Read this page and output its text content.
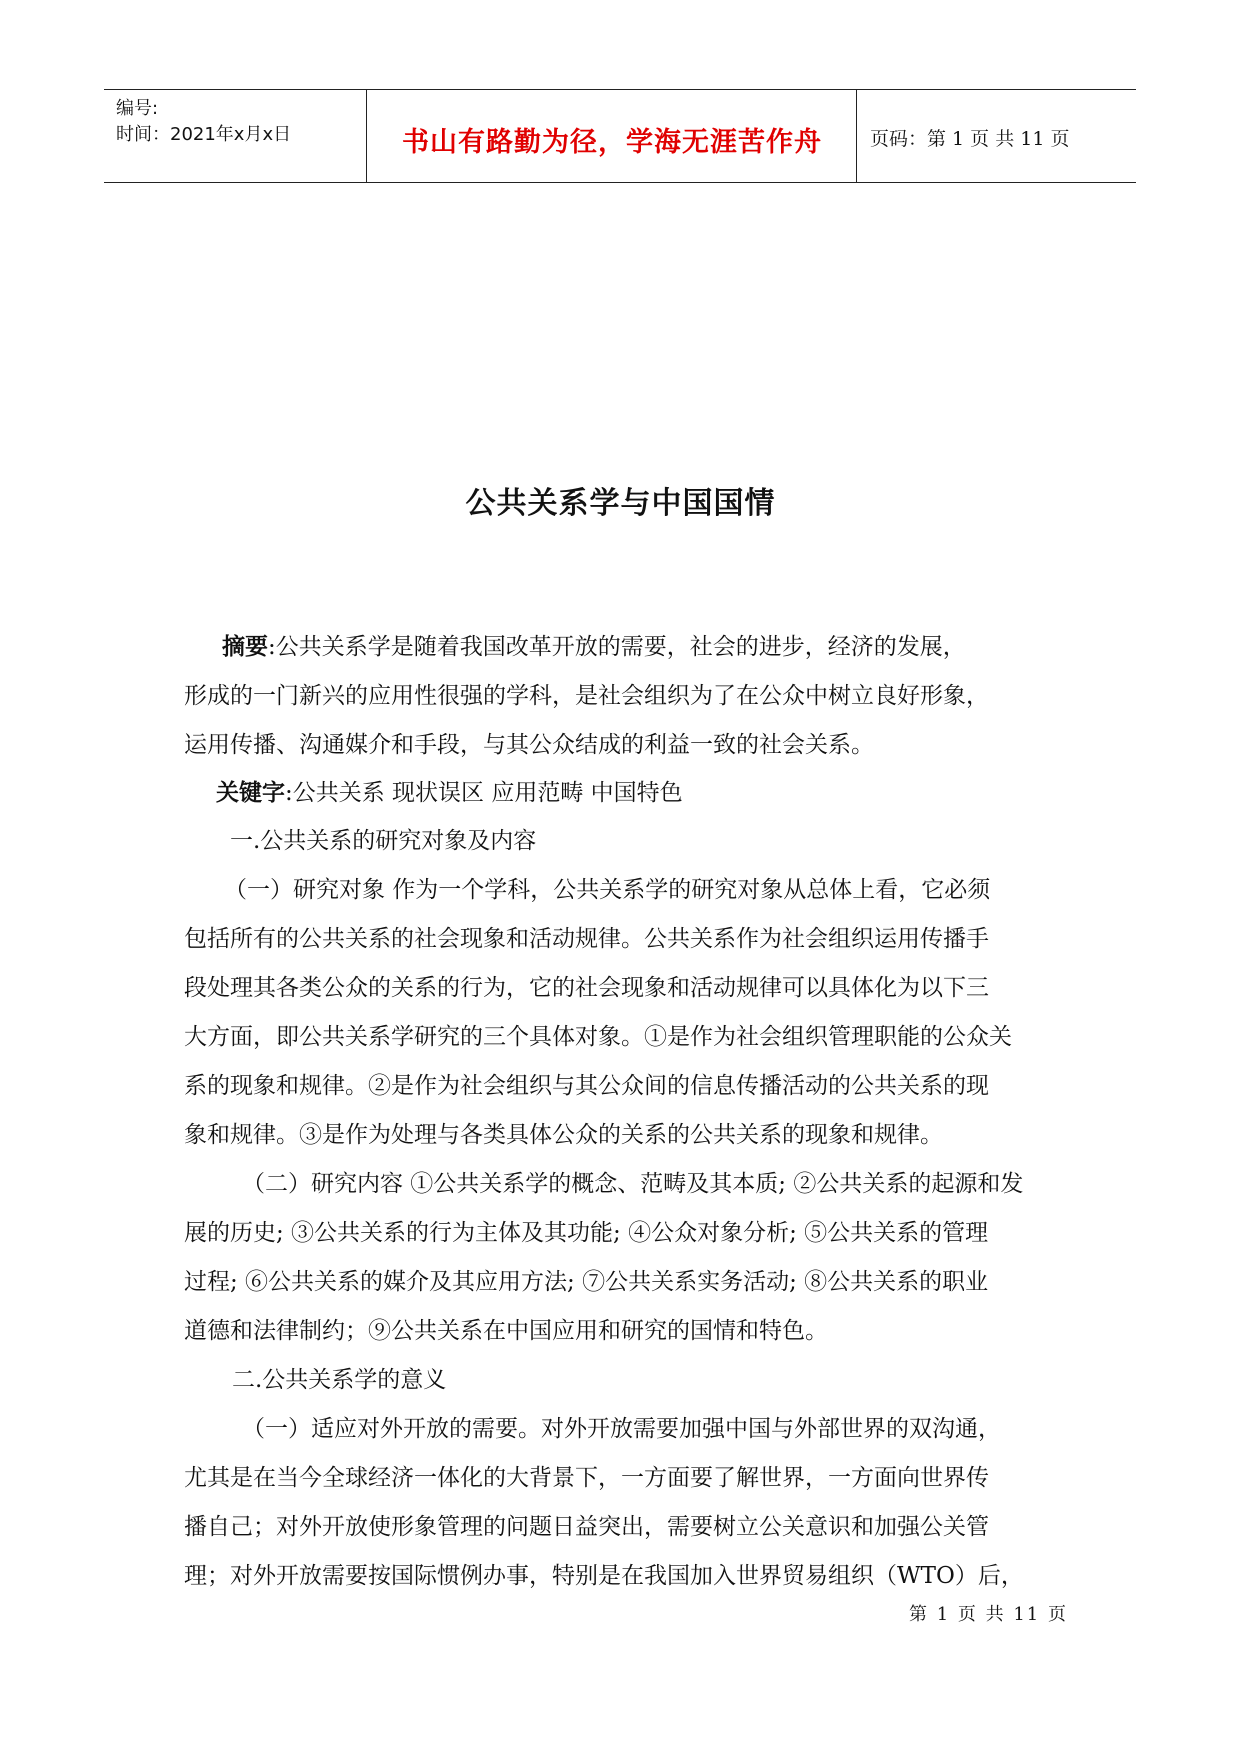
编号:
时间：2021年x月x日	书山有路勤为径，学海无涯苦作舟	页码：第 1 页 共 11 页
公共关系学与中国国情
摘要:公共关系学是随着我国改革开放的需要，社会的进步，经济的发展，
形成的一门新兴的应用性很强的学科，是社会组织为了在公众中树立良好形象，
运用传播、沟通媒介和手段，与其公众结成的利益一致的社会关系。
关键字:公共关系 现状误区 应用范畴 中国特色
一.公共关系的研究对象及内容
（一）研究对象 作为一个学科，公共关系学的研究对象从总体上看，它必须
包括所有的公共关系的社会现象和活动规律。公共关系作为社会组织运用传播手
段处理其各类公众的关系的行为，它的社会现象和活动规律可以具体化为以下三
大方面，即公共关系学研究的三个具体对象。①是作为社会组织管理职能的公众关
系的现象和规律。②是作为社会组织与其公众间的信息传播活动的公共关系的现
象和规律。③是作为处理与各类具体公众的关系的公共关系的现象和规律。
（二）研究内容 ①公共关系学的概念、范畴及其本质; ②公共关系的起源和发
展的历史; ③公共关系的行为主体及其功能; ④公众对象分析; ⑤公共关系的管理
过程; ⑥公共关系的媒介及其应用方法; ⑦公共关系实务活动; ⑧公共关系的职业
道德和法律制约；⑨公共关系在中国应用和研究的国情和特色。
二.公共关系学的意义
（一）适应对外开放的需要。对外开放需要加强中国与外部世界的双沟通，
尤其是在当今全球经济一体化的大背景下，一方面要了解世界，一方面向世界传
播自己；对外开放使形象管理的问题日益突出，需要树立公关意识和加强公关管
理；对外开放需要按国际惯例办事，特别是在我国加入世界贸易组织（WTO）后，
第 1 页 共 11 页
